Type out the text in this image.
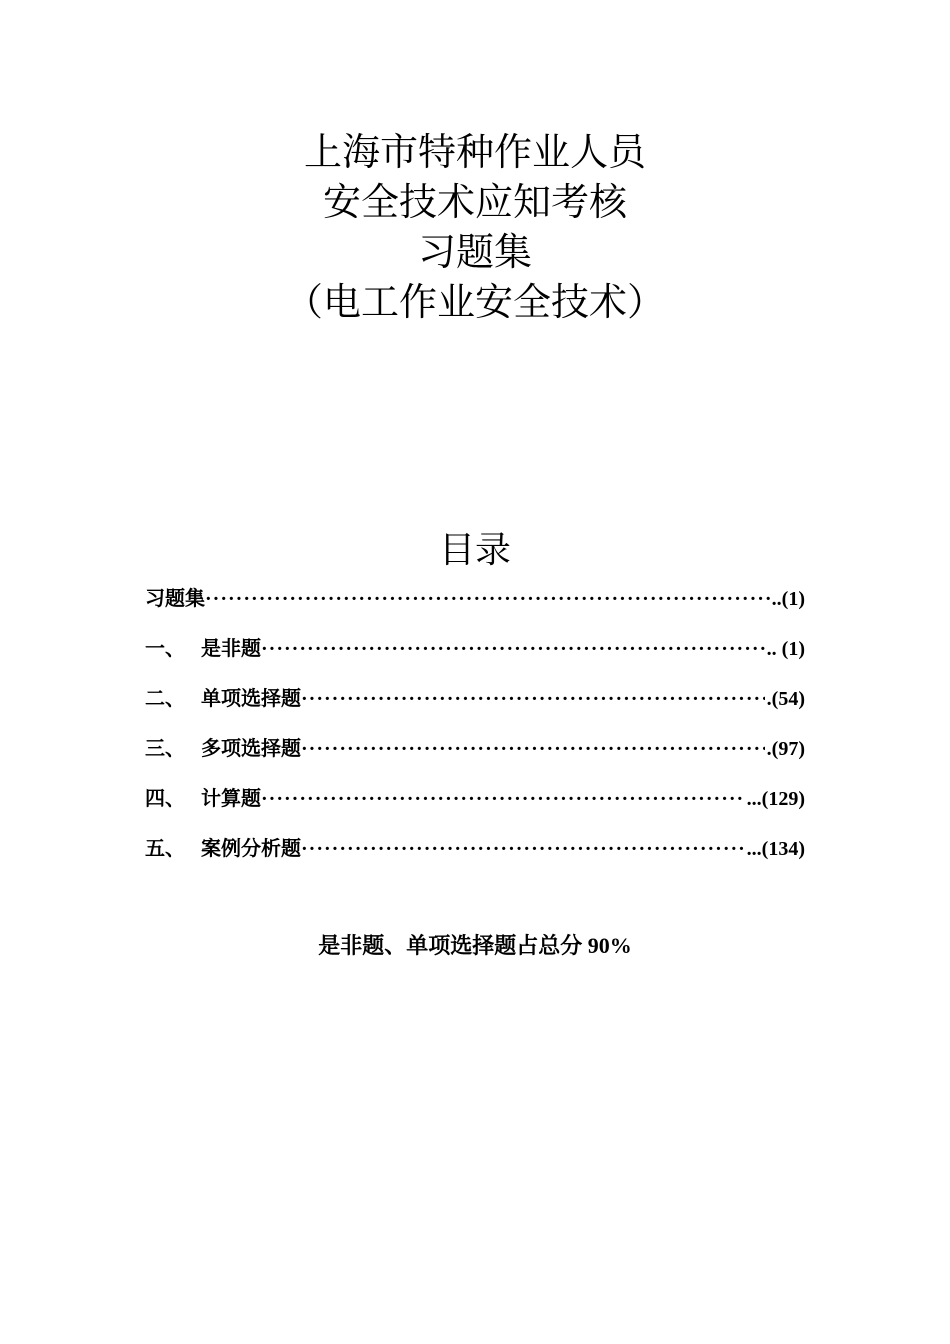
上海市特种作业人员
安全技术应知考核
习题集
（电工作业安全技术）
目录
习题集 ·····	..(1)
一、 是非题 ·····	.. (1)
二、 单项选择题 ·····	.(54)
三、 多项选择题 ·····	.(97)
四、 计算题 ·····	...(129)
五、 案例分析题 ·····	...(134)
是非题、单项选择题占总分 90%
